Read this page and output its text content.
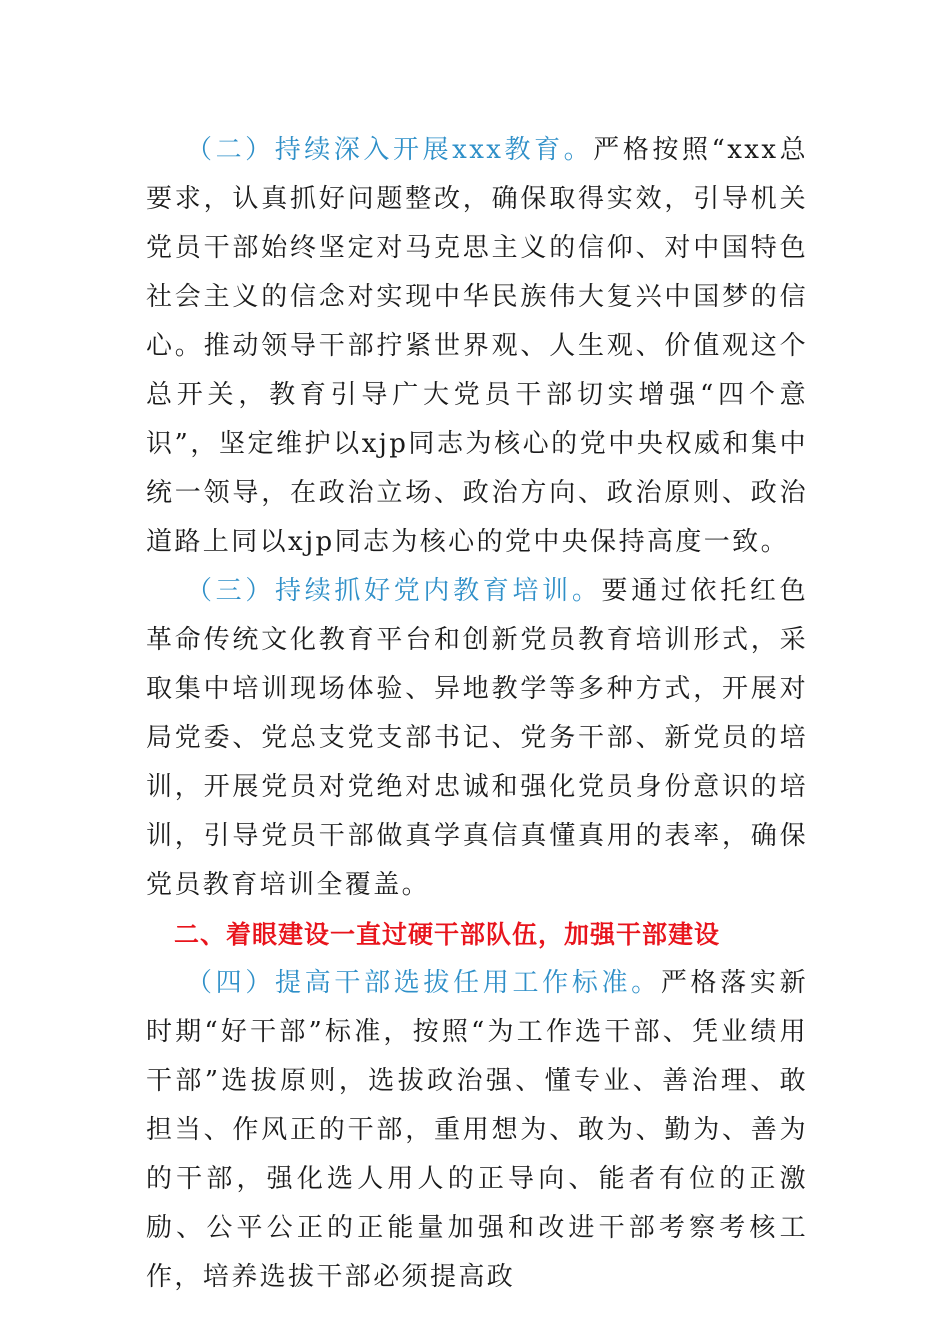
（二）持续深入开展xxx教育。严格按照“xxx总要求，认真抓好问题整改，确保取得实效，引导机关党员干部始终坚定对马克思主义的信仰、对中国特色社会主义的信念对实现中华民族伟大复兴中国梦的信心。推动领导干部拧紧世界观、人生观、价值观这个总开关，教育引导广大党员干部切实增强“四个意识”，坚定维护以xjp同志为核心的党中央权威和集中统一领导，在政治立场、政治方向、政治原则、政治道路上同以xjp同志为核心的党中央保持高度一致。

（三）持续抓好党内教育培训。要通过依托红色革命传统文化教育平台和创新党员教育培训形式，采取集中培训现场体验、异地教学等多种方式，开展对局党委、党总支党支部书记、党务干部、新党员的培训，开展党员对党绝对忠诚和强化党员身份意识的培训，引导党员干部做真学真信真懂真用的表率，确保党员教育培训全覆盖。

二、着眼建设一直过硬干部队伍，加强干部建设

（四）提高干部选拔任用工作标准。严格落实新时期“好干部”标准，按照“为工作选干部、凭业绩用干部”选拔原则，选拔政治强、懂专业、善治理、敢担当、作风正的干部，重用想为、敢为、勤为、善为的干部，强化选人用人的正导向、能者有位的正激励、公平公正的正能量加强和改进干部考察考核工作，培养选拔干部必须提高政
